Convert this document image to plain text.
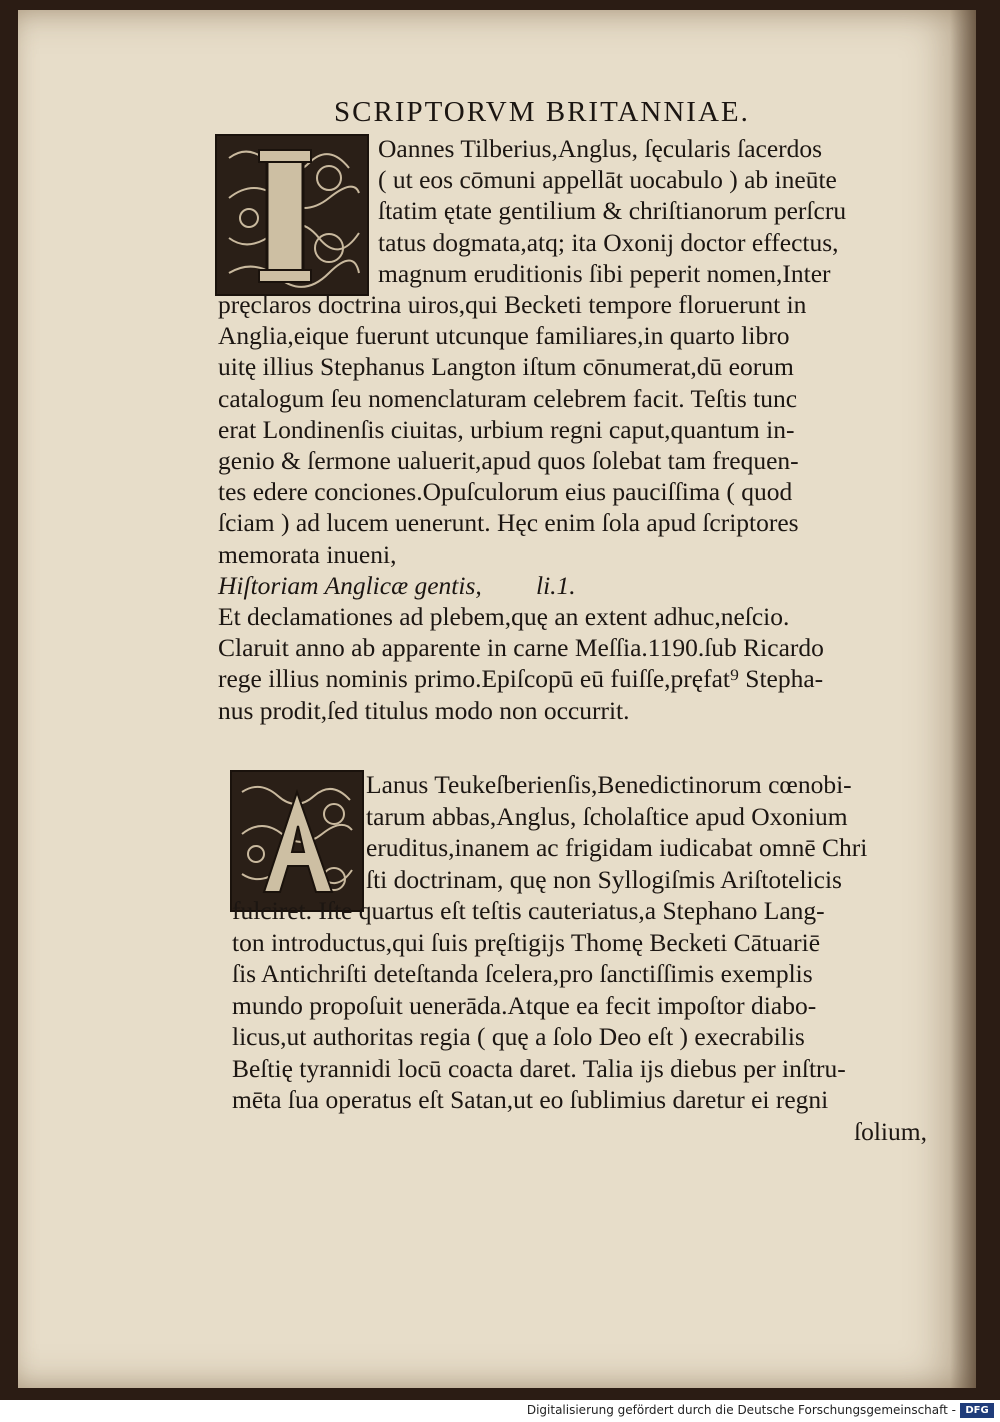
SCRIPTORVM BRITANNIAE.
Oannes Tilberius,Anglus, ſęcularis ſacerdos
( ut eos cōmuni appellāt uocabulo ) ab ineūte
ſtatim ętate gentilium & chriſtianorum perſcru
tatus dogmata,atq; ita Oxonij doctor effectus,
magnum eruditionis ſibi peperit nomen,Inter
pręclaros doctrina uiros,qui Becketi tempore floruerunt in
Anglia,eique fuerunt utcunque familiares,in quarto libro
uitę illius Stephanus Langton iſtum cōnumerat,dū eorum
catalogum ſeu nomenclaturam celebrem facit. Teſtis tunc
erat Londinenſis ciuitas, urbium regni caput,quantum in-
genio & ſermone ualuerit,apud quos ſolebat tam frequen-
tes edere conciones.Opuſculorum eius pauciſſima ( quod
ſciam ) ad lucem uenerunt. Hęc enim ſola apud ſcriptores
memorata inueni,
Hiſtoriam Anglicæ gentis, li.1.
Et declamationes ad plebem,quę an extent adhuc,neſcio.
Claruit anno ab apparente in carne Meſſia.1190.ſub Ricardo
rege illius nominis primo.Epiſcopū eū fuiſſe,pręfat⁹ Stepha-
nus prodit,ſed titulus modo non occurrit.
Lanus Teukeſberienſis,Benedictinorum cœnobi-
tarum abbas,Anglus, ſcholaſtice apud Oxonium
eruditus,inanem ac frigidam iudicabat omnē Chri
ſti doctrinam, quę non Syllogiſmis Ariſtotelicis
fulciret. Iſte quartus eſt teſtis cauteriatus,a Stephano Lang-
ton introductus,qui ſuis pręſtigijs Thomę Becketi Cātuariē
ſis Antichriſti deteſtanda ſcelera,pro ſanctiſſimis exemplis
mundo propoſuit uenerāda.Atque ea fecit impoſtor diabo-
licus,ut authoritas regia ( quę a ſolo Deo eſt ) execrabilis
Beſtię tyrannidi locū coacta daret. Talia ijs diebus per inſtru-
mēta ſua operatus eſt Satan,ut eo ſublimius daretur ei regni
ſolium,
Digitalisierung gefördert durch die Deutsche Forschungsgemeinschaft - DFG
